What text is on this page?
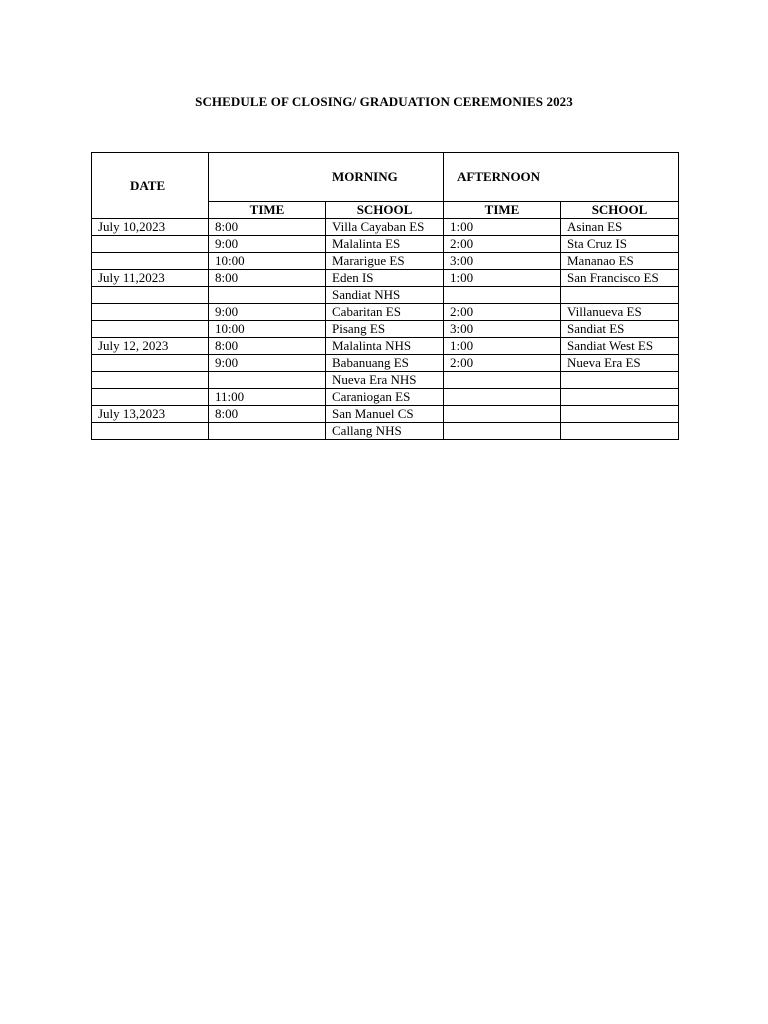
SCHEDULE OF CLOSING/ GRADUATION CEREMONIES 2023
DATE	MORNING		AFTERNOON	
	TIME	SCHOOL	TIME	SCHOOL
July 10,2023	8:00	Villa Cayaban ES	1:00	Asinan ES
	9:00	Malalinta ES	2:00	Sta Cruz IS
	10:00	Mararigue ES	3:00	Mananao ES
July 11,2023	8:00	Eden IS	1:00	San Francisco ES
		Sandiat NHS		
	9:00	Cabaritan ES	2:00	Villanueva ES
	10:00	Pisang ES	3:00	Sandiat ES
July 12, 2023	8:00	Malalinta NHS	1:00	Sandiat West ES
	9:00	Babanuang ES	2:00	Nueva Era ES
		Nueva Era NHS		
	11:00	Caraniogan ES		
July 13,2023	8:00	San Manuel CS		
		Callang NHS		
